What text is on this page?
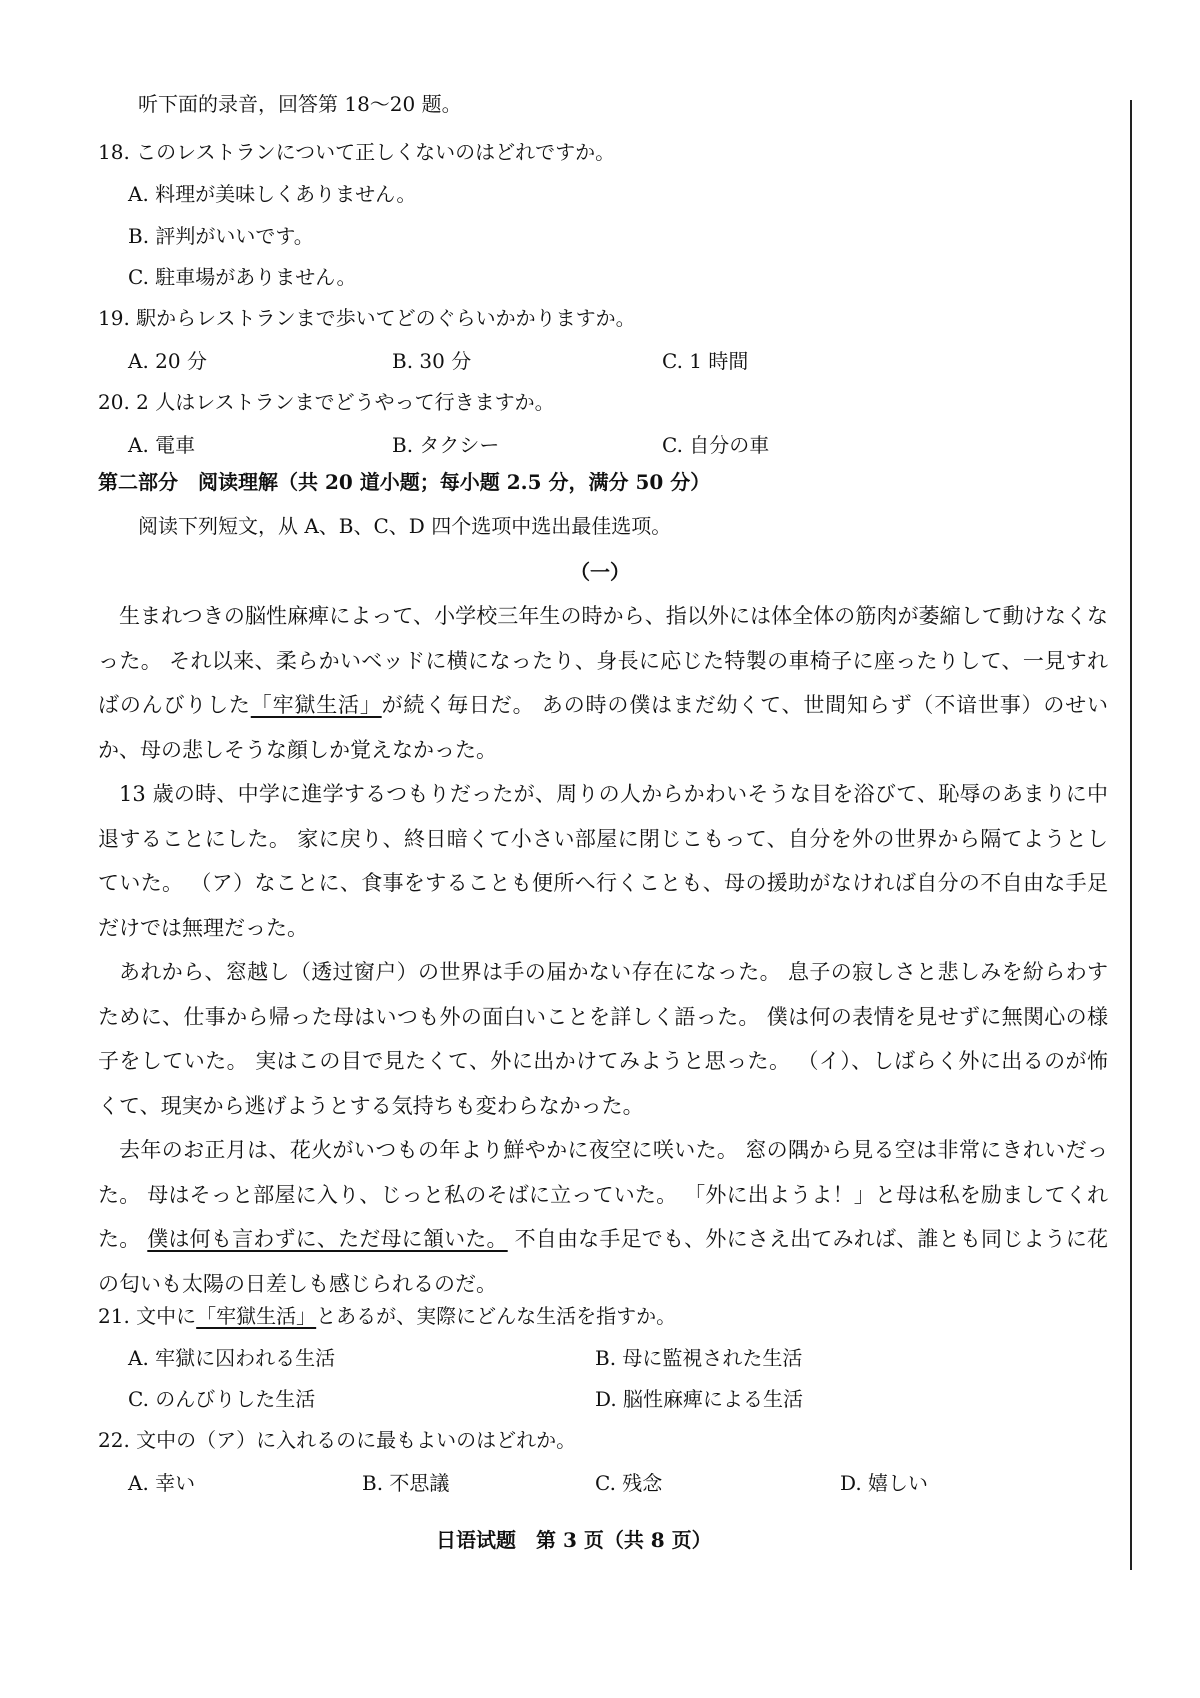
听下面的录音，回答第 18～20 题。
18. このレストランについて正しくないのはどれですか。
A. 料理が美味しくありません。
B. 評判がいいです。
C. 駐車場がありません。
19. 駅からレストランまで歩いてどのぐらいかかりますか。
A. 20 分	B. 30 分	C. 1 時間
20. 2 人はレストランまでどうやって行きますか。
A. 電車	B. タクシー	C. 自分の車
第二部分　阅读理解（共 20 道小题；每小题 2.5 分，满分 50 分）
阅读下列短文，从 A、B、C、D 四个选项中选出最佳选项。
（一）
生まれつきの脳性麻痺によって、小学校三年生の時から、指以外には体全体の筋肉が萎縮して動けなくなった。 それ以来、柔らかいベッドに横になったり、身長に応じた特製の車椅子に座ったりして、一見すればのんびりした「牢獄生活」が続く毎日だ。 あの時の僕はまだ幼くて、世間知らず（不谙世事）のせいか、母の悲しそうな顔しか覚えなかった。
13 歳の時、中学に進学するつもりだったが、周りの人からかわいそうな目を浴びて、恥辱のあまりに中退することにした。 家に戻り、終日暗くて小さい部屋に閉じこもって、自分を外の世界から隔てようとしていた。 （ア）なことに、食事をすることも便所へ行くことも、母の援助がなければ自分の不自由な手足だけでは無理だった。
あれから、窓越し（透过窗户）の世界は手の届かない存在になった。 息子の寂しさと悲しみを紛らわすために、仕事から帰った母はいつも外の面白いことを詳しく語った。 僕は何の表情を見せずに無関心の様子をしていた。 実はこの目で見たくて、外に出かけてみようと思った。 （イ）、しばらく外に出るのが怖くて、現実から逃げようとする気持ちも変わらなかった。
去年のお正月は、花火がいつもの年より鮮やかに夜空に咲いた。 窓の隅から見る空は非常にきれいだった。 母はそっと部屋に入り、じっと私のそばに立っていた。 「外に出ようよ！」と母は私を励ましてくれた。 僕は何も言わずに、ただ母に頷いた。 不自由な手足でも、外にさえ出てみれば、誰とも同じように花の匂いも太陽の日差しも感じられるのだ。
21. 文中に「牢獄生活」とあるが、実際にどんな生活を指すか。
A. 牢獄に囚われる生活	B. 母に監視された生活
C. のんびりした生活	D. 脳性麻痺による生活
22. 文中の（ア）に入れるのに最もよいのはどれか。
A. 幸い	B. 不思議	C. 残念	D. 嬉しい
日语试题　第 3 页（共 8 页）
